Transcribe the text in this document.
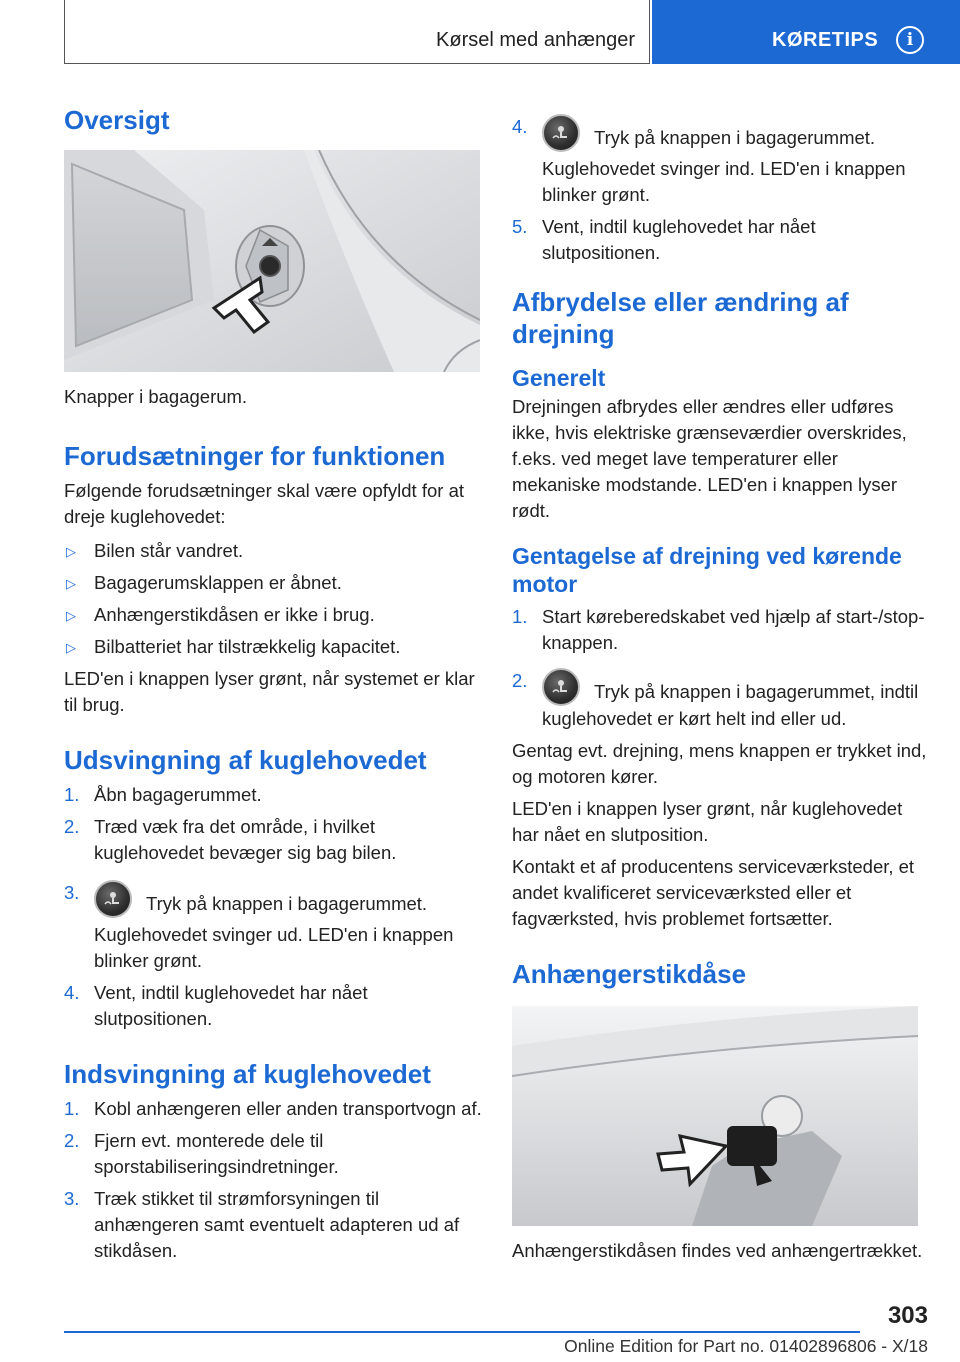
Kørsel med anhænger	KØRETIPS	i
Oversigt

Knapper i bagagerum.

Forudsætninger for funktionen

Følgende forudsætninger skal være opfyldt for at dreje kuglehovedet:

▷ Bilen står vandret.
▷ Bagagerumsklappen er åbnet.
▷ Anhængerstikdåsen er ikke i brug.
▷ Bilbatteriet har tilstrækkelig kapacitet.

LED'en i knappen lyser grønt, når systemet er klar til brug.

Udsvingning af kuglehovedet
1. Åbn bagagerummet.
2. Træd væk fra det område, i hvilket kuglehovedet bevæger sig bag bilen.
3.
Tryk på knappen i bagagerummet.
Kuglehovedet svinger ud. LED'en i knappen blinker grønt.
4. Vent, indtil kuglehovedet har nået slutpositionen.
Indsvingning af kuglehovedet
1. Kobl anhængeren eller anden transportvogn af.
2. Fjern evt. monterede dele til sporstabiliseringsindretninger.
3. Træk stikket til strømforsyningen til anhængeren samt eventuelt adapteren ud af stikdåsen.
4.
Tryk på knappen i bagagerummet.
Kuglehovedet svinger ind. LED'en i knappen blinker grønt.
5. Vent, indtil kuglehovedet har nået slutpositionen.
Afbrydelse eller ændring af drejning
Generelt

Drejningen afbrydes eller ændres eller udføres ikke, hvis elektriske grænseværdier overskrides, f.eks. ved meget lave temperaturer eller mekaniske modstande. LED'en i knappen lyser rødt.

Gentagelse af drejning ved kørende motor
1. Start køreberedskabet ved hjælp af start-/stop-knappen.
2.
Tryk på knappen i bagagerummet, indtil kuglehovedet er kørt helt ind eller ud.

Gentag evt. drejning, mens knappen er trykket ind, og motoren kører.

LED'en i knappen lyser grønt, når kuglehovedet har nået en slutposition.

Kontakt et af producentens serviceværksteder, et andet kvalificeret serviceværksted eller et fagværksted, hvis problemet fortsætter.

Anhængerstikdåse

Anhængerstikdåsen findes ved anhængertrækket.

303
Online Edition for Part no. 01402896806 - X/18
